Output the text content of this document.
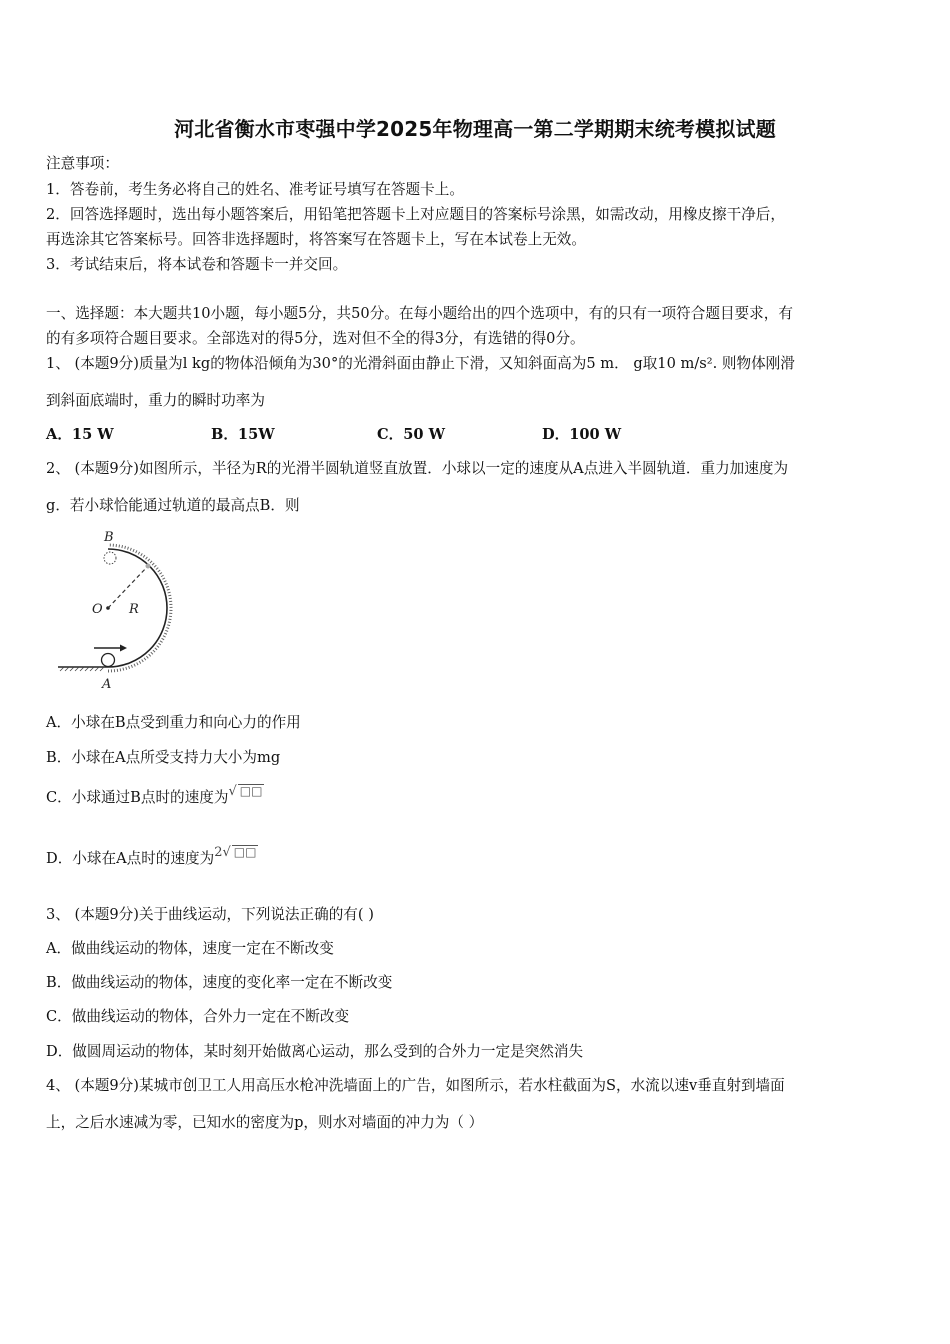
河北省衡水市枣强中学2025年物理高一第二学期期末统考模拟试题
注意事项：
1．答卷前，考生务必将自己的姓名、准考证号填写在答题卡上。
2．回答选择题时，选出每小题答案后，用铅笔把答题卡上对应题目的答案标号涂黑，如需改动，用橡皮擦干净后，
再选涂其它答案标号。回答非选择题时，将答案写在答题卡上，写在本试卷上无效。
3．考试结束后，将本试卷和答题卡一并交回。
一、选择题：本大题共10小题，每小题5分，共50分。在每小题给出的四个选项中，有的只有一项符合题目要求，有
的有多项符合题目要求。全部选对的得5分，选对但不全的得3分，有选错的得0分。
1、 (本题9分)质量为l kg的物体沿倾角为30°的光滑斜面由静止下滑，又知斜面高为5 m． g取10 m/s². 则物体刚滑
到斜面底端时，重力的瞬时功率为
A．15 W	B．15W	C．50 W	D．100 W
2、 (本题9分)如图所示，半径为R的光滑半圆轨道竖直放置．小球以一定的速度从A点进入半圆轨道．重力加速度为
g．若小球恰能通过轨道的最高点B．则
B
O R
A
A．小球在B点受到重力和向心力的作用
B．小球在A点所受支持力大小为mg
C．小球通过B点时的速度为√ □□
D．小球在A点时的速度为2√ □□
3、 (本题9分)关于曲线运动，下列说法正确的有( )
A．做曲线运动的物体，速度一定在不断改变
B．做曲线运动的物体，速度的变化率一定在不断改变
C．做曲线运动的物体，合外力一定在不断改变
D．做圆周运动的物体，某时刻开始做离心运动，那么受到的合外力一定是突然消失
4、 (本题9分)某城市创卫工人用高压水枪冲洗墙面上的广告，如图所示，若水柱截面为S，水流以速v垂直射到墙面
上，之后水速减为零，已知水的密度为p，则水对墙面的冲力为（ ）
